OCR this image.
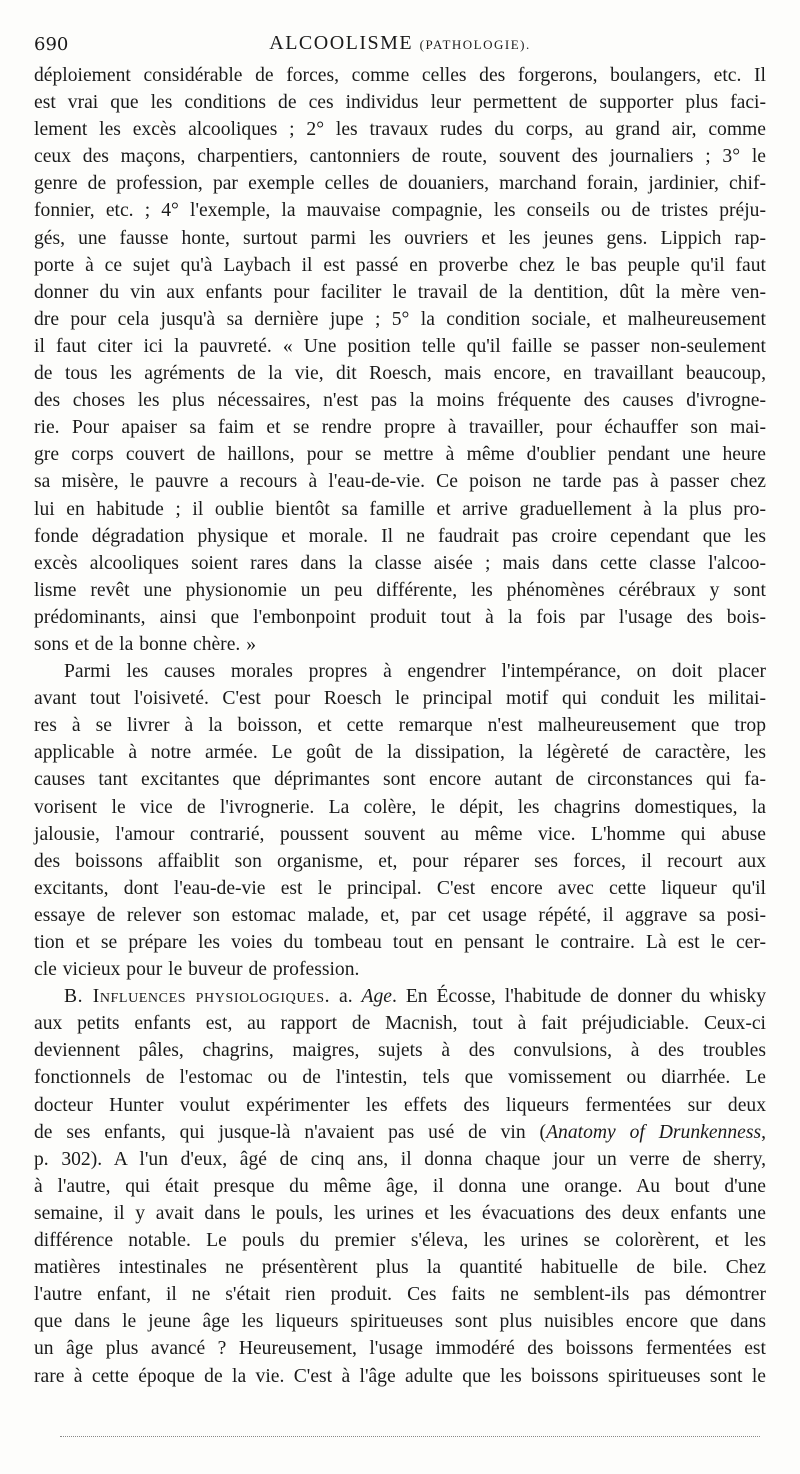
690	ALCOOLISME (PATHOLOGIE).
déploiement considérable de forces, comme celles des forgerons, boulangers, etc. Il
est vrai que les conditions de ces individus leur permettent de supporter plus faci-
lement les excès alcooliques ; 2° les travaux rudes du corps, au grand air, comme
ceux des maçons, charpentiers, cantonniers de route, souvent des journaliers ; 3° le
genre de profession, par exemple celles de douaniers, marchand forain, jardinier, chif-
fonnier, etc. ; 4° l'exemple, la mauvaise compagnie, les conseils ou de tristes préju-
gés, une fausse honte, surtout parmi les ouvriers et les jeunes gens. Lippich rap-
porte à ce sujet qu'à Laybach il est passé en proverbe chez le bas peuple qu'il faut
donner du vin aux enfants pour faciliter le travail de la dentition, dût la mère ven-
dre pour cela jusqu'à sa dernière jupe ; 5° la condition sociale, et malheureusement
il faut citer ici la pauvreté. « Une position telle qu'il faille se passer non-seulement
de tous les agréments de la vie, dit Roesch, mais encore, en travaillant beaucoup,
des choses les plus nécessaires, n'est pas la moins fréquente des causes d'ivrogne-
rie. Pour apaiser sa faim et se rendre propre à travailler, pour échauffer son mai-
gre corps couvert de haillons, pour se mettre à même d'oublier pendant une heure
sa misère, le pauvre a recours à l'eau-de-vie. Ce poison ne tarde pas à passer chez
lui en habitude ; il oublie bientôt sa famille et arrive graduellement à la plus pro-
fonde dégradation physique et morale. Il ne faudrait pas croire cependant que les
excès alcooliques soient rares dans la classe aisée ; mais dans cette classe l'alcoo-
lisme revêt une physionomie un peu différente, les phénomènes cérébraux y sont
prédominants, ainsi que l'embonpoint produit tout à la fois par l'usage des bois-
sons et de la bonne chère. »
Parmi les causes morales propres à engendrer l'intempérance, on doit placer
avant tout l'oisiveté. C'est pour Roesch le principal motif qui conduit les militai-
res à se livrer à la boisson, et cette remarque n'est malheureusement que trop
applicable à notre armée. Le goût de la dissipation, la légèreté de caractère, les
causes tant excitantes que déprimantes sont encore autant de circonstances qui fa-
vorisent le vice de l'ivrognerie. La colère, le dépit, les chagrins domestiques, la
jalousie, l'amour contrarié, poussent souvent au même vice. L'homme qui abuse
des boissons affaiblit son organisme, et, pour réparer ses forces, il recourt aux
excitants, dont l'eau-de-vie est le principal. C'est encore avec cette liqueur qu'il
essaye de relever son estomac malade, et, par cet usage répété, il aggrave sa posi-
tion et se prépare les voies du tombeau tout en pensant le contraire. Là est le cer-
cle vicieux pour le buveur de profession.
B. Influences physiologiques. a. Age. En Écosse, l'habitude de donner du whisky
aux petits enfants est, au rapport de Macnish, tout à fait préjudiciable. Ceux-ci
deviennent pâles, chagrins, maigres, sujets à des convulsions, à des troubles
fonctionnels de l'estomac ou de l'intestin, tels que vomissement ou diarrhée. Le
docteur Hunter voulut expérimenter les effets des liqueurs fermentées sur deux
de ses enfants, qui jusque-là n'avaient pas usé de vin (Anatomy of Drunkenness,
p. 302). A l'un d'eux, âgé de cinq ans, il donna chaque jour un verre de sherry,
à l'autre, qui était presque du même âge, il donna une orange. Au bout d'une
semaine, il y avait dans le pouls, les urines et les évacuations des deux enfants une
différence notable. Le pouls du premier s'éleva, les urines se colorèrent, et les
matières intestinales ne présentèrent plus la quantité habituelle de bile. Chez
l'autre enfant, il ne s'était rien produit. Ces faits ne semblent-ils pas démontrer
que dans le jeune âge les liqueurs spiritueuses sont plus nuisibles encore que dans
un âge plus avancé ? Heureusement, l'usage immodéré des boissons fermentées est
rare à cette époque de la vie. C'est à l'âge adulte que les boissons spiritueuses sont le
